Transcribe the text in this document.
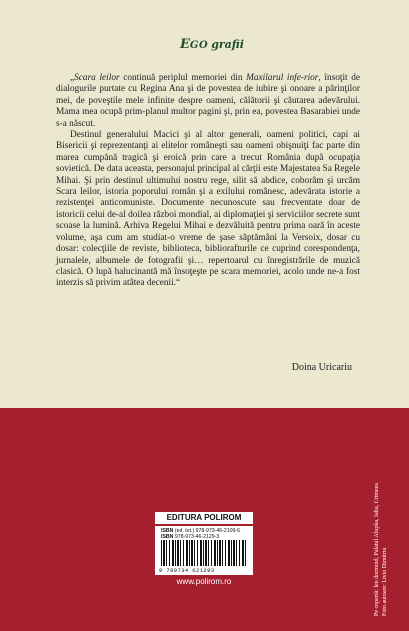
EGO grafii

„Scara leilor continuă periplul memoriei din Maxilarul infe-rior, însoţit de dialogurile purtate cu Regina Ana şi de povestea de iubire şi onoare a părinţilor mei, de poveştile mele infinite despre oameni, călătorii şi căutarea adevărului. Mama mea ocupă prim-planul multor pagini şi, prin ea, povestea Basarabiei unde s-a născut.

Destinul generalului Macici şi al altor generali, oameni politici, capi ai Bisericii şi reprezentanţi ai elitelor româneşti sau oameni obişnuiţi fac parte din marea cumpănă tragică şi eroică prin care a trecut România după ocupaţia sovietică. De data aceasta, personajul principal al cărţii este Majestatea Sa Regele Mihai. Şi prin destinul ultimului nostru rege, silit să abdice, coborâm şi urcăm Scara leilor, istoria poporului român şi a exilului românesc, adevărata istorie a rezistenţei anticomuniste. Documente necunoscute sau frecventate doar de istoricii celui de-al doilea război mondial, ai diplomaţiei şi serviciilor secrete sunt scoase la lumină. Arhiva Regelui Mihai e dezvăluită pentru prima oară în aceste volume, aşa cum am studiat-o vreme de şase săptămâni la Versoix, dosar cu dosar: colecţiile de reviste, biblioteca, bibliorafturile ce cuprind corespondenţa, jurnalele, albumele de fotografii şi… repertoarul cu înregistrările de muzică clasică. O lupă halucinantă mă însoţeşte pe scara memoriei, acolo unde ne-a fost interzis să privim atâtea decenii.“

Doina Uricariu
EDITURA POLIROM
ISBN (ed. tot.) 978-973-46-2109-6
ISBN 978-973-46-2129-3
9 789734 621293
www.polirom.ro	Pe copertă: leu dormind, Palatul Alupka, Ialta, Crimeea Foto autoare: Livio Dimitriu
